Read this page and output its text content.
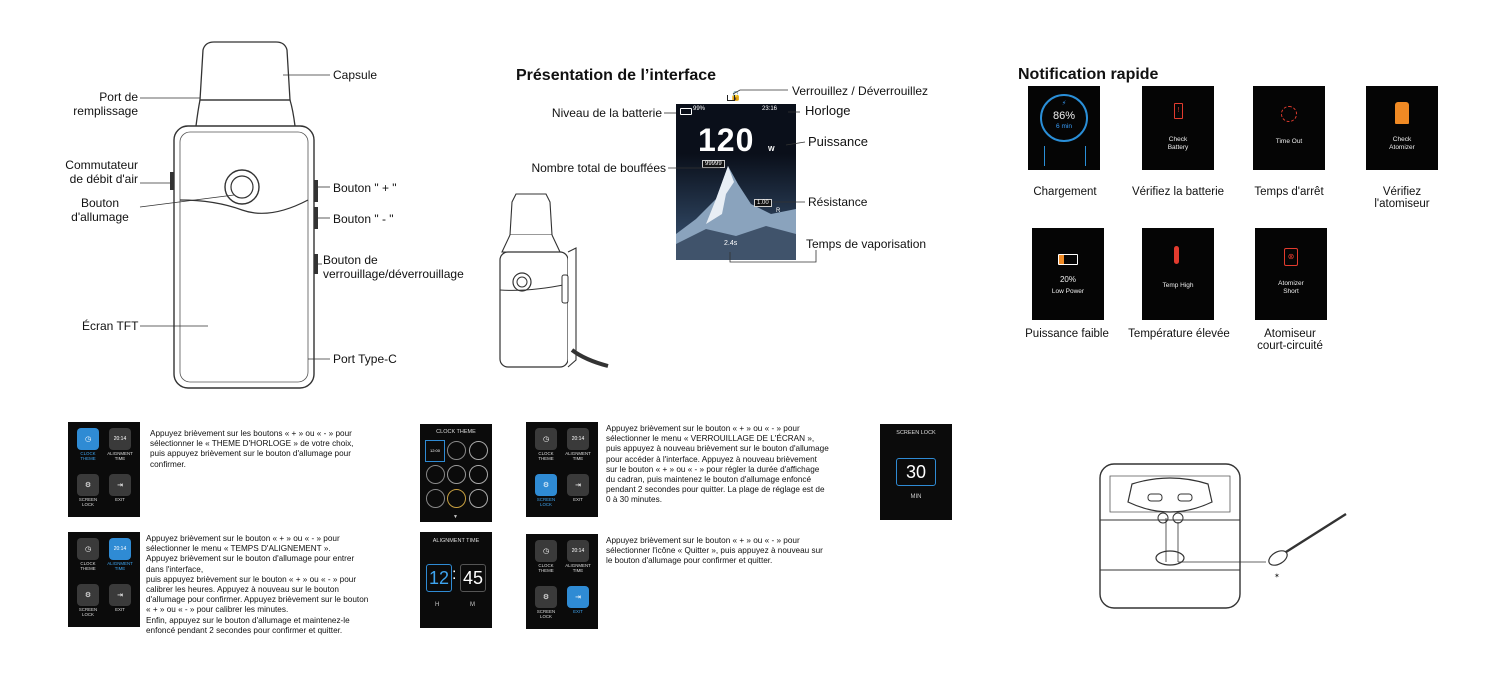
Capsule
Port de
remplissage
Commutateur
de débit d'air
Bouton
d'allumage
Bouton " + "
Bouton " - "
Bouton de
verrouillage/déverrouillage
Écran TFT
Port Type-C
Présentation de l’interface
99%
🔓
23:16
120 W
99999
1.00
R
2.4s
Verrouillez / Déverrouillez
Niveau de la batterie	Horloge
Puissance
Nombre total de bouffées
Résistance
Temps de vaporisation
Notification rapide
⚡
86%
6 min
Chargement
!
Check
Battery
Vérifiez la batterie
Time Out
Temps d'arrêt
Check
Atomizer
Vérifiez
l'atomiseur
20%
Low Power
Puissance faible
Temp High
Température élevée
⊗
Atomizer
Short
Atomiseur
court-circuité
◷
CLOCK
THEME
20:14
ALIGNMENT
TIME
⚙
SCREEN
LOCK
⇥
EXIT
Appuyez brièvement sur les boutons « + » ou « - » pour
sélectionner le « THEME D'HORLOGE » de votre choix,
puis appuyez brièvement sur le bouton d'allumage pour
confirmer.
CLOCK THEME
12:00
▼
◷
CLOCK
THEME
20:14
ALIGNMENT
TIME
⚙
SCREEN
LOCK
⇥
EXIT
Appuyez brièvement sur le bouton « + » ou « - » pour
sélectionner le menu « TEMPS D'ALIGNEMENT ».
Appuyez brièvement sur le bouton d'allumage pour entrer
dans l'interface,
puis appuyez brièvement sur le bouton « + » ou « - » pour
calibrer les heures. Appuyez à nouveau sur le bouton
d'allumage pour confirmer. Appuyez brièvement sur le bouton
« + » ou « - » pour calibrer les minutes.
Enfin, appuyez sur le bouton d'allumage et maintenez-le
enfoncé pendant 2 secondes pour confirmer et quitter.
ALIGNMENT TIME
12 : 45
H	M
◷
CLOCK
THEME
20:14
ALIGNMENT
TIME
⚙
SCREEN
LOCK
⇥
EXIT
Appuyez brièvement sur le bouton « + » ou « - » pour
sélectionner le menu « VERROUILLAGE DE L'ÉCRAN »,
puis appuyez à nouveau brièvement sur le bouton d'allumage
pour accéder à l'interface. Appuyez à nouveau brièvement
sur le bouton « + » ou « - » pour régler la durée d'affichage
du cadran, puis maintenez le bouton d'allumage enfoncé
pendant 2 secondes pour quitter. La plage de réglage est de
0 à 30 minutes.
SCREEN LOCK
30
MIN
◷
CLOCK
THEME
20:14
ALIGNMENT
TIME
⚙
SCREEN
LOCK
⇥
EXIT
Appuyez brièvement sur le bouton « + » ou « - » pour
sélectionner l'icône « Quitter », puis appuyez à nouveau sur
le bouton d'allumage pour confirmer et quitter.
✶
